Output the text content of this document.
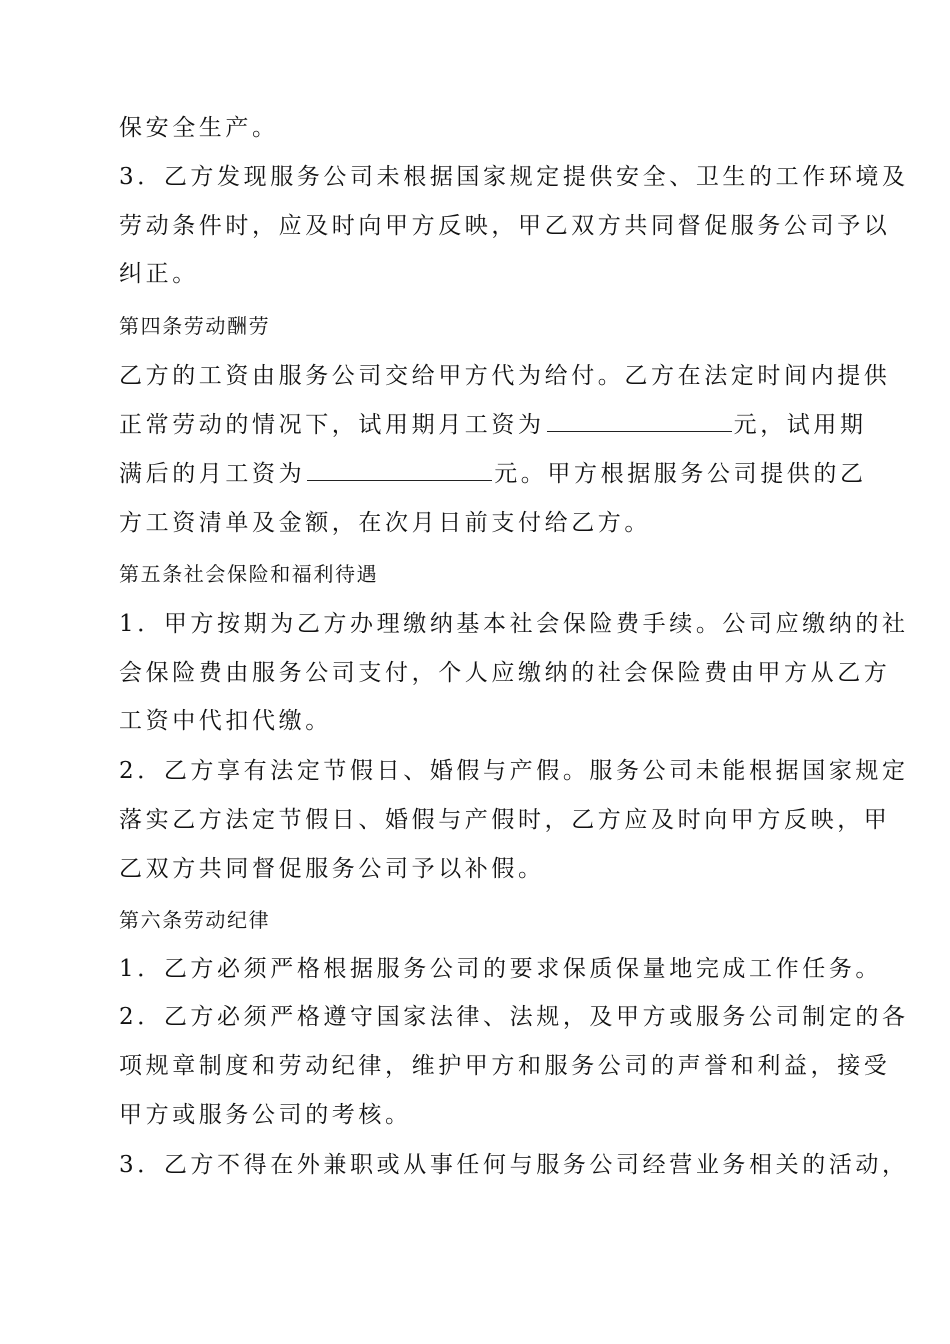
保安全生产。
3．乙方发现服务公司未根据国家规定提供安全、卫生的工作环境及
劳动条件时，应及时向甲方反映，甲乙双方共同督促服务公司予以
纠正。
第四条劳动酬劳
乙方的工资由服务公司交给甲方代为给付。乙方在法定时间内提供
正常劳动的情况下，试用期月工资为	元，试用期
满后的月工资为	元。甲方根据服务公司提供的乙
方工资清单及金额，在次月日前支付给乙方。
第五条社会保险和福利待遇
1．甲方按期为乙方办理缴纳基本社会保险费手续。公司应缴纳的社
会保险费由服务公司支付，个人应缴纳的社会保险费由甲方从乙方
工资中代扣代缴。
2．乙方享有法定节假日、婚假与产假。服务公司未能根据国家规定
落实乙方法定节假日、婚假与产假时，乙方应及时向甲方反映，甲
乙双方共同督促服务公司予以补假。
第六条劳动纪律
1．乙方必须严格根据服务公司的要求保质保量地完成工作任务。
2．乙方必须严格遵守国家法律、法规，及甲方或服务公司制定的各
项规章制度和劳动纪律，维护甲方和服务公司的声誉和利益，接受
甲方或服务公司的考核。
3．乙方不得在外兼职或从事任何与服务公司经营业务相关的活动，
